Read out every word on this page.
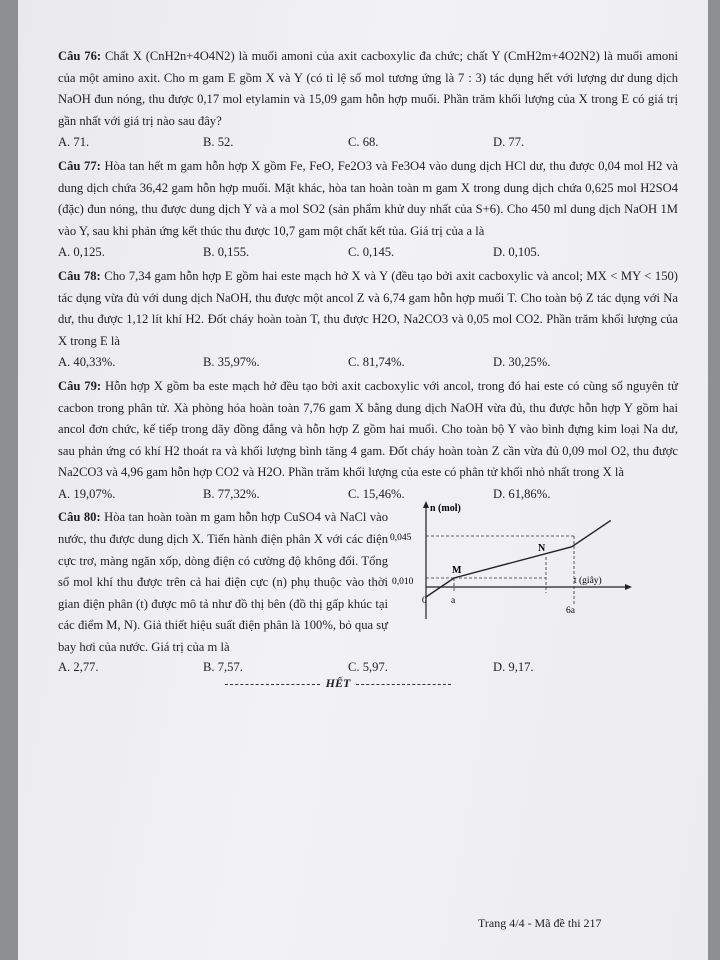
Câu 76: Chất X (CnH2n+4O4N2) là muối amoni của axit cacboxylic đa chức; chất Y (CmH2m+4O2N2) là muối amoni của một amino axit. Cho m gam E gồm X và Y (có tỉ lệ số mol tương ứng là 7 : 3) tác dụng hết với lượng dư dung dịch NaOH đun nóng, thu được 0,17 mol etylamin và 15,09 gam hỗn hợp muối. Phần trăm khối lượng của X trong E có giá trị gần nhất với giá trị nào sau đây?

A. 71.	B. 52.	C. 68.	D. 77.

Câu 77: Hòa tan hết m gam hỗn hợp X gồm Fe, FeO, Fe2O3 và Fe3O4 vào dung dịch HCl dư, thu được 0,04 mol H2 và dung dịch chứa 36,42 gam hỗn hợp muối. Mặt khác, hòa tan hoàn toàn m gam X trong dung dịch chứa 0,625 mol H2SO4 (đặc) đun nóng, thu được dung dịch Y và a mol SO2 (sản phẩm khử duy nhất của S+6). Cho 450 ml dung dịch NaOH 1M vào Y, sau khi phản ứng kết thúc thu được 10,7 gam một chất kết tủa. Giá trị của a là

A. 0,125.	B. 0,155.	C. 0,145.	D. 0,105.

Câu 78: Cho 7,34 gam hỗn hợp E gồm hai este mạch hở X và Y (đều tạo bởi axit cacboxylic và ancol; MX < MY < 150) tác dụng vừa đủ với dung dịch NaOH, thu được một ancol Z và 6,74 gam hỗn hợp muối T. Cho toàn bộ Z tác dụng với Na dư, thu được 1,12 lít khí H2. Đốt cháy hoàn toàn T, thu được H2O, Na2CO3 và 0,05 mol CO2. Phần trăm khối lượng của X trong E là

A. 40,33%.	B. 35,97%.	C. 81,74%.	D. 30,25%.

Câu 79: Hỗn hợp X gồm ba este mạch hở đều tạo bởi axit cacboxylic với ancol, trong đó hai este có cùng số nguyên tử cacbon trong phân tử. Xà phòng hóa hoàn toàn 7,76 gam X bằng dung dịch NaOH vừa đủ, thu được hỗn hợp Y gồm hai ancol đơn chức, kế tiếp trong dãy đồng đẳng và hỗn hợp Z gồm hai muối. Cho toàn bộ Y vào bình đựng kim loại Na dư, sau phản ứng có khí H2 thoát ra và khối lượng bình tăng 4 gam. Đốt cháy hoàn toàn Z cần vừa đủ 0,09 mol O2, thu được Na2CO3 và 4,96 gam hỗn hợp CO2 và H2O. Phần trăm khối lượng của este có phân tử khối nhỏ nhất trong X là

A. 19,07%.	B. 77,32%.	C. 15,46%.	D. 61,86%.

Câu 80: Hòa tan hoàn toàn m gam hỗn hợp CuSO4 và NaCl vào nước, thu được dung dịch X. Tiến hành điện phân X với các điện cực trơ, màng ngăn xốp, dòng điện có cường độ không đổi. Tổng số mol khí thu được trên cả hai điện cực (n) phụ thuộc vào thời gian điện phân (t) được mô tả như đồ thị bên (đồ thị gấp khúc tại các điểm M, N). Giả thiết hiệu suất điện phân là 100%, bỏ qua sự bay hơi của nước. Giá trị của m là

n (mol)
t (giây)
0,045
0,010
0	a
6a
M
N
A. 2,77.	B. 7,57.	C. 5,97.	D. 9,17.
HẾT
Trang 4/4 - Mã đề thi 217
